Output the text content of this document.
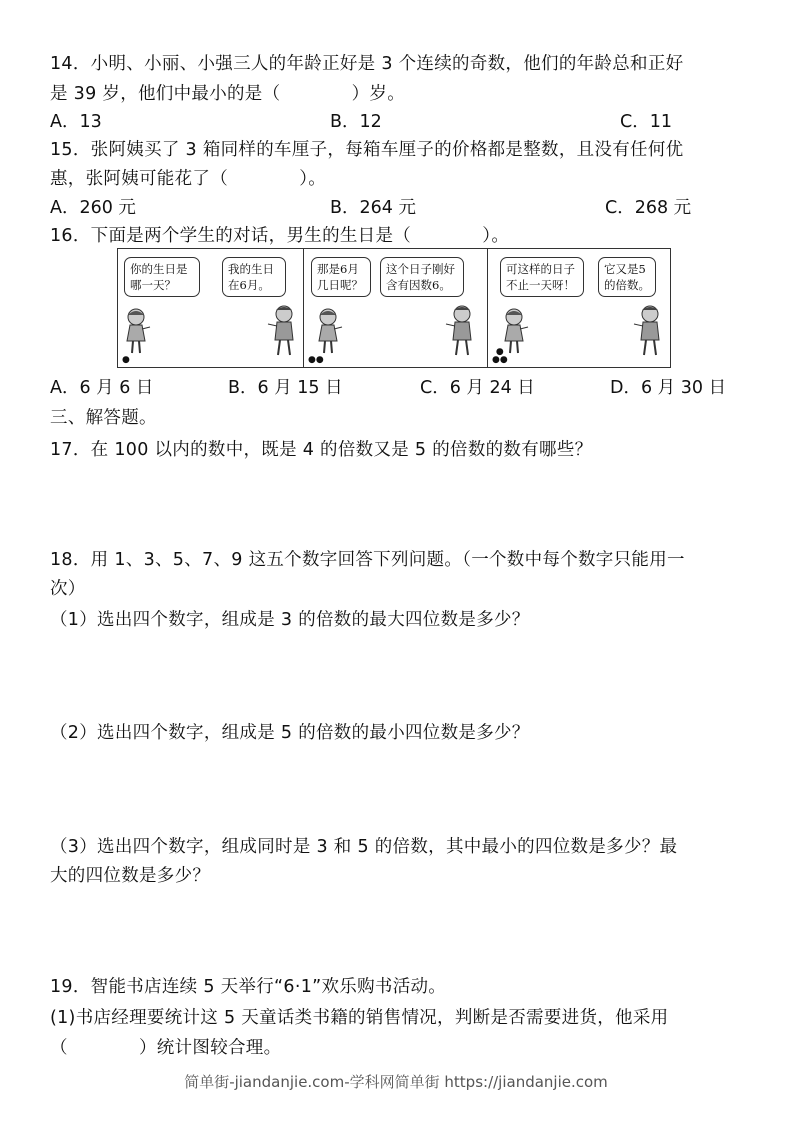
14．小明、小丽、小强三人的年龄正好是 3 个连续的奇数，他们的年龄总和正好
是 39 岁，他们中最小的是（　　　　）岁。
A．13	B．12	C．11
15．张阿姨买了 3 箱同样的车厘子，每箱车厘子的价格都是整数，且没有任何优
惠，张阿姨可能花了（　　　　）。
A．260 元	B．264 元	C．268 元
16．下面是两个学生的对话，男生的生日是（　　　　）。
你的生日是
哪一天？
我的生日
在6月。
●
那是6月
几日呢？
这个日子刚好
含有因数6。
●●
可这样的日子
不止一天呀！
它又是5
的倍数。
●
●●
A．6 月 6 日	B．6 月 15 日	C．6 月 24 日	D．6 月 30 日
三、解答题。
17．在 100 以内的数中，既是 4 的倍数又是 5 的倍数的数有哪些？
18．用 1、3、5、7、9 这五个数字回答下列问题。（一个数中每个数字只能用一
次）
（1）选出四个数字，组成是 3 的倍数的最大四位数是多少？
（2）选出四个数字，组成是 5 的倍数的最小四位数是多少？
（3）选出四个数字，组成同时是 3 和 5 的倍数，其中最小的四位数是多少？最
大的四位数是多少？
19．智能书店连续 5 天举行“6·1”欢乐购书活动。
(1)书店经理要统计这 5 天童话类书籍的销售情况，判断是否需要进货，他采用
（　　　　）统计图较合理。
简单街-jiandanjie.com-学科网简单街 https://jiandanjie.com
